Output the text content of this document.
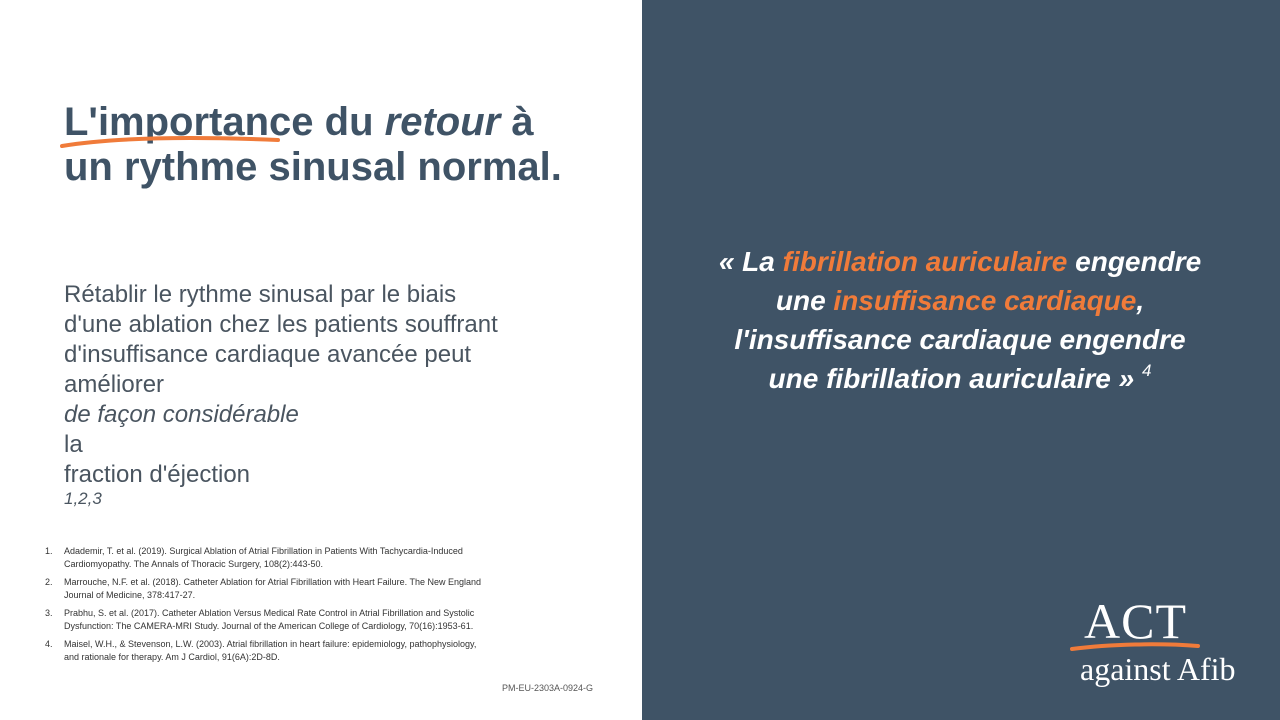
L'importance du retour à
un rythme sinusal normal.
Rétablir le rythme sinusal par le biais
d'une ablation chez les patients souffrant
d'insuffisance cardiaque avancée peut
améliorer
de façon considérable
la
fraction d'éjection
$^{1,2,3}$
1. Adademir, T. et al. (2019). Surgical Ablation of Atrial Fibrillation in Patients With Tachycardia-Induced
Cardiomyopathy. The Annals of Thoracic Surgery, 108(2):443-50.
2. Marrouche, N.F. et al. (2018). Catheter Ablation for Atrial Fibrillation with Heart Failure. The New England
Journal of Medicine, 378:417-27.
3. Prabhu, S. et al. (2017). Catheter Ablation Versus Medical Rate Control in Atrial Fibrillation and Systolic
Dysfunction: The CAMERA-MRI Study. Journal of the American College of Cardiology, 70(16):1953-61.
4. Maisel, W.H., & Stevenson, L.W. (2003). Atrial fibrillation in heart failure: epidemiology, pathophysiology,
and rationale for therapy. Am J Cardiol, 91(6A):2D-8D.
PM-EU-2303A-0924-G
« La fibrillation auriculaire engendre
une insuffisance cardiaque,
l'insuffisance cardiaque engendre
une fibrillation auriculaire » $^4$
ACT
against Afib
